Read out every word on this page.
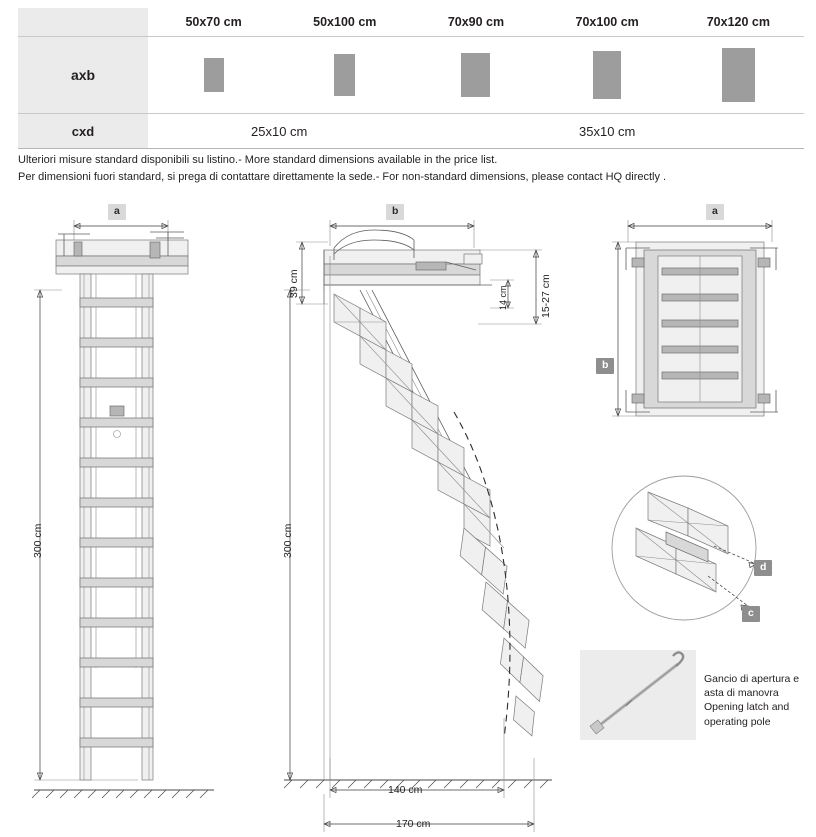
	50x70 cm	50x100 cm	70x90 cm	70x100 cm	70x120 cm
axb					
cxd	25x10 cm		35x10 cm		
Ulteriori misure standard disponibili su listino.- More standard dimensions available in the price list.
Per dimensioni fuori standard, si prega di contattare direttamente la sede.- For non-standard dimensions, please contact HQ directly .
a
300 cm
b
39 cm
300 cm
14 cm	15-27 cm
140 cm
170 cm
a
b
d
c
Gancio di apertura e
asta di manovra
Opening latch and
operating pole
